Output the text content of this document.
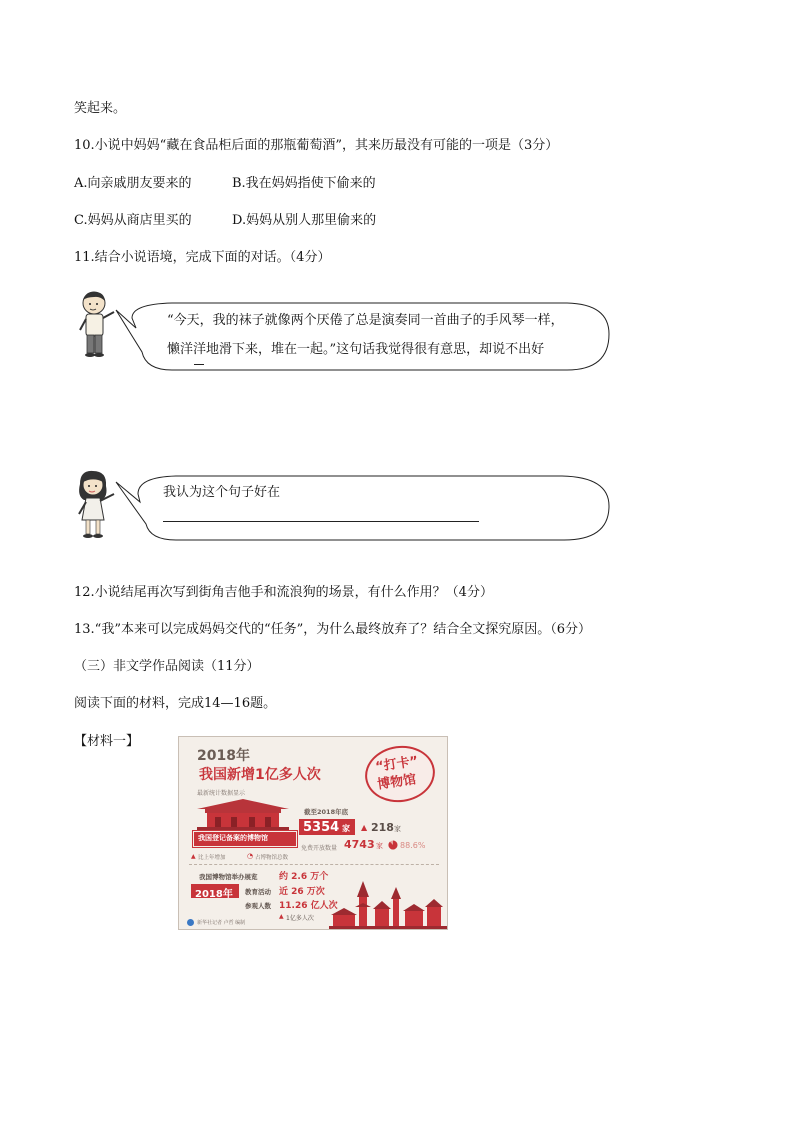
笑起来。
10.小说中妈妈“藏在食品柜后面的那瓶葡萄酒”，其来历最没有可能的一项是（3分）
A.向亲戚朋友要来的	B.我在妈妈指使下偷来的
C.妈妈从商店里买的	D.妈妈从别人那里偷来的
11.结合小说语境，完成下面的对话。（4分）
“今天，我的袜子就像两个厌倦了总是演奏同一首曲子的手风琴一样，
懒洋洋地滑下来，堆在一起。”这句话我觉得很有意思，却说不出好
我认为这个句子好在
12.小说结尾再次写到街角吉他手和流浪狗的场景，有什么作用？（4分）
13.“我”本来可以完成妈妈交代的“任务”，为什么最终放弃了？结合全文探究原因。（6分）
（三）非文学作品阅读（11分）
阅读下面的材料，完成14—16题。
【材料一】
2018年
我国新增1亿多人次
“打卡”
博物馆
最新统计数据显示
我国登记备案的博物馆
截至2018年底
5354 家 ▲ 218 家
免费开放数量 4743 家 88.6%
▲ 比上年增加	◔ 占博物馆总数
我国博物馆举办展览 约 2.6 万个
2018年 教育活动 近 26 万次
参观人数 11.26 亿人次
▲ 1亿多人次
新华社记者 卢哲 编制
